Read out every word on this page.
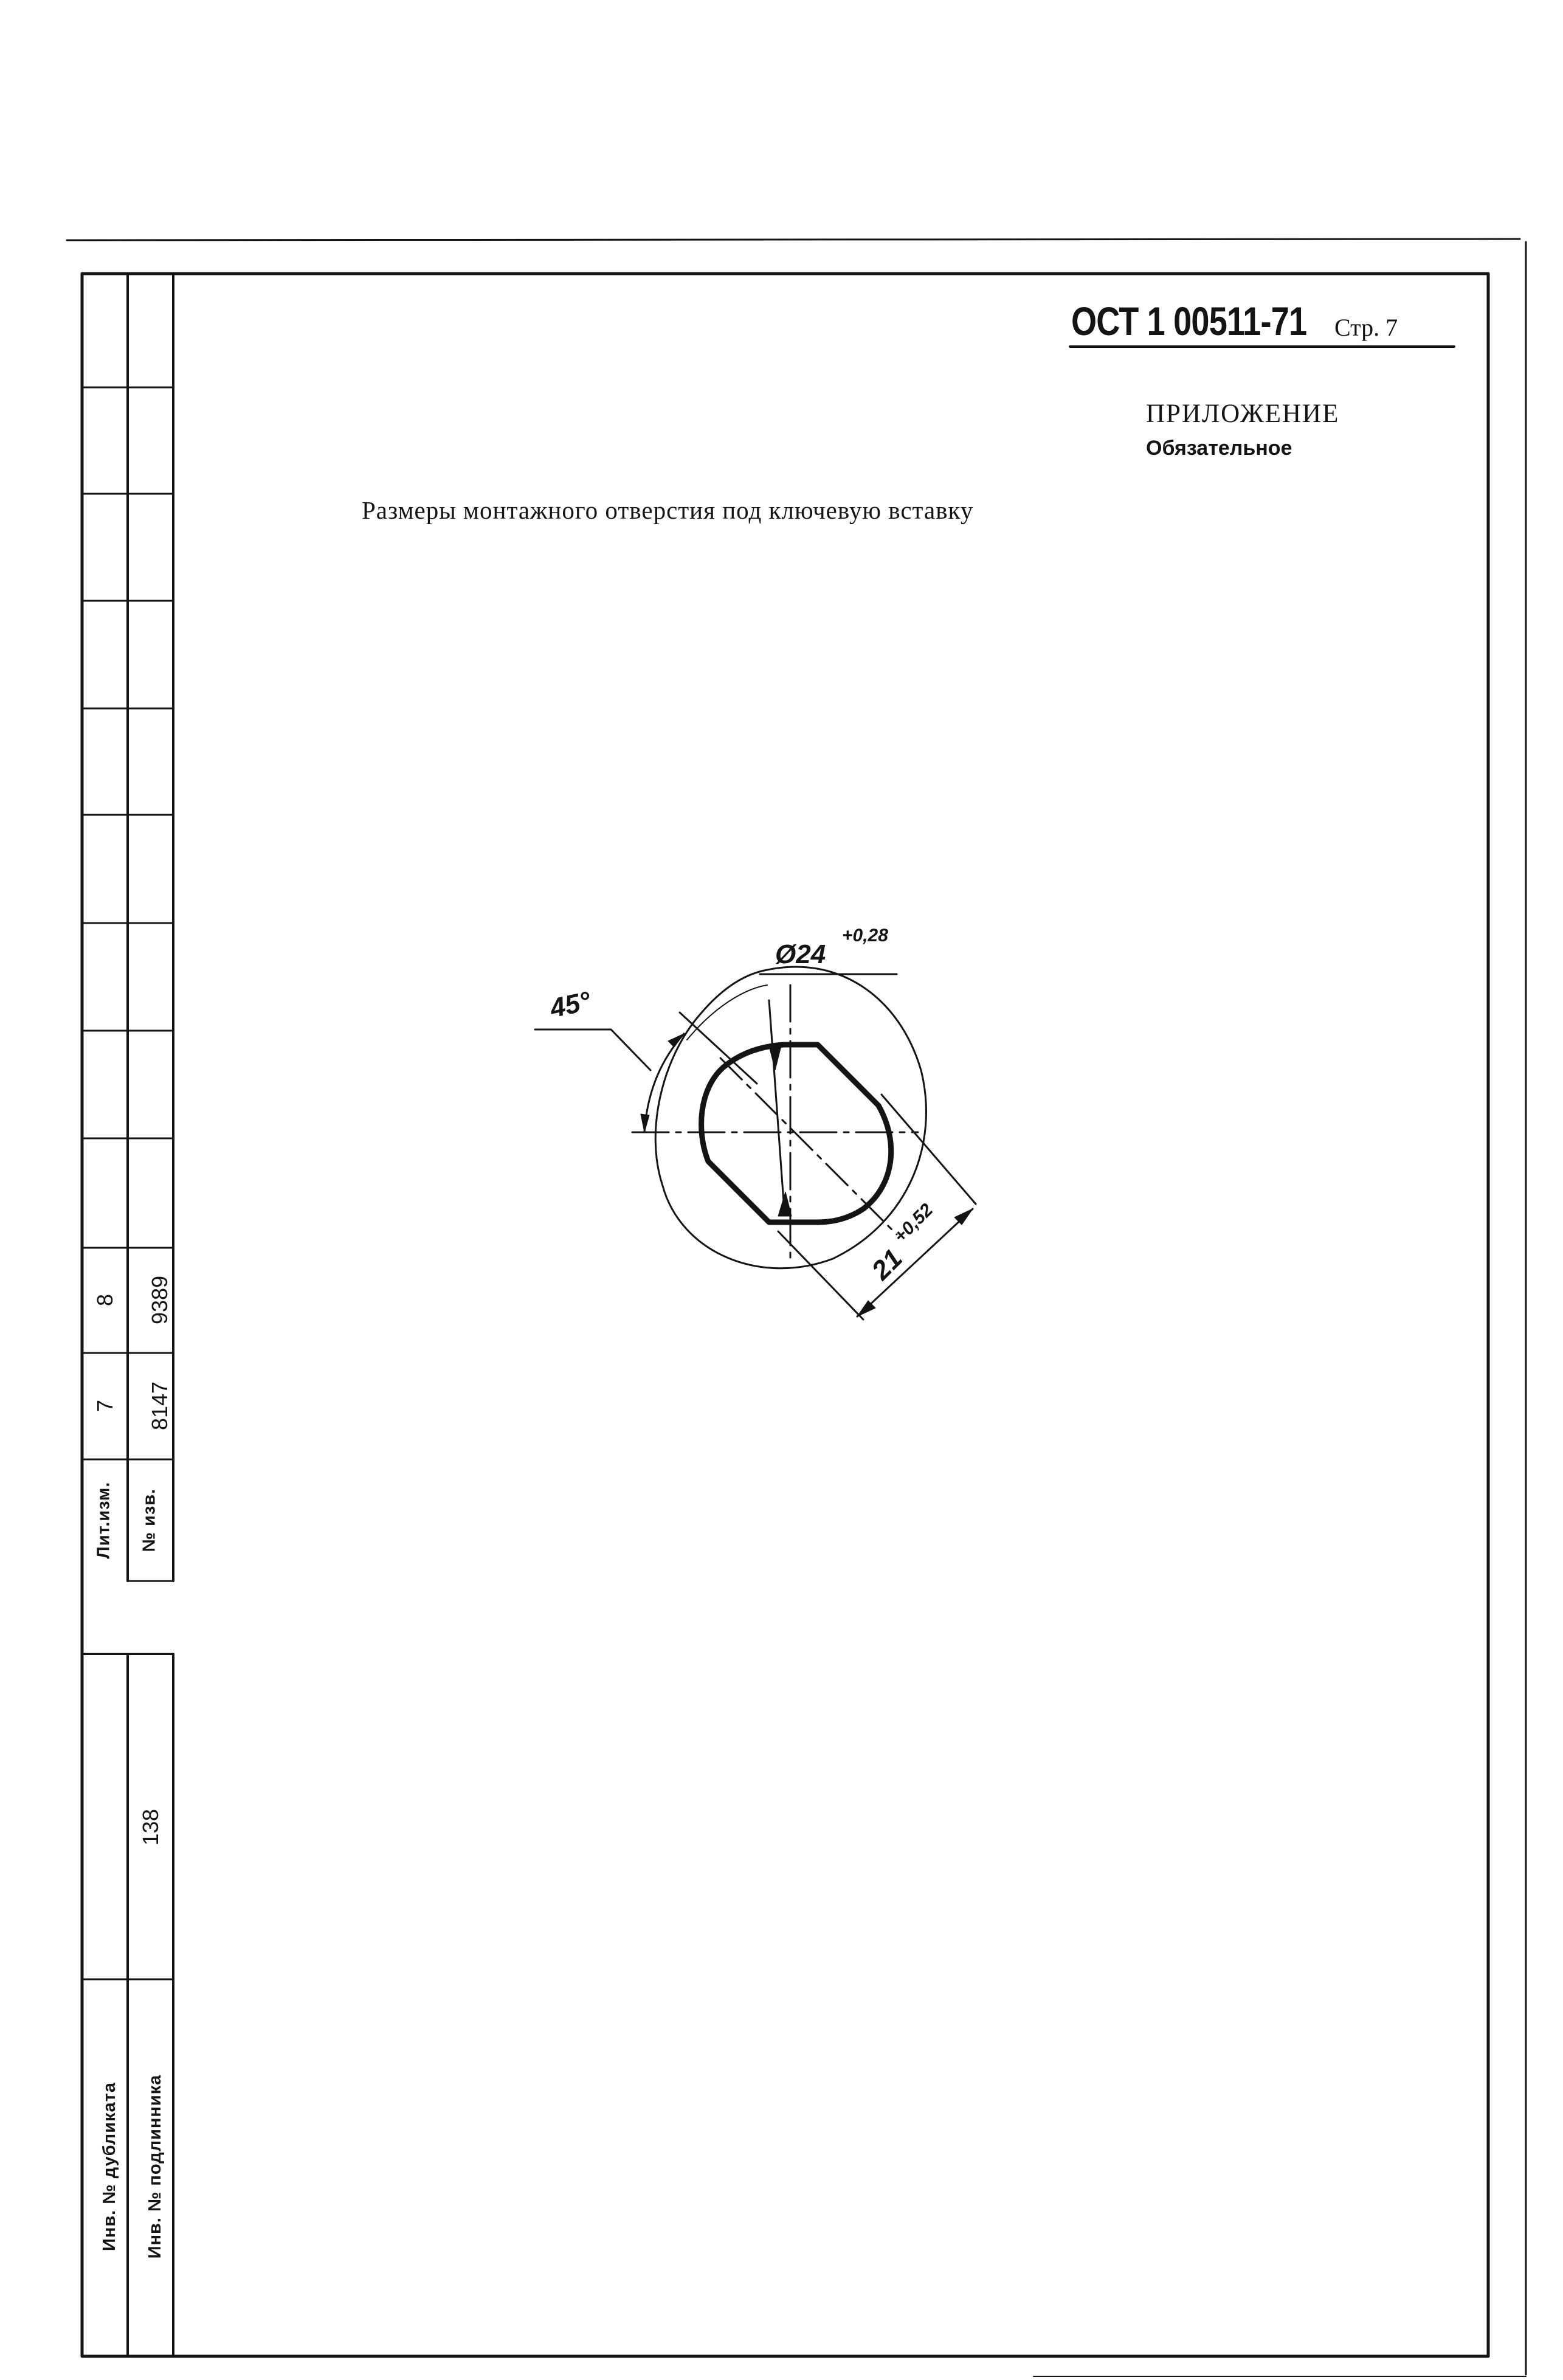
ОСТ 1 00511-71 Стр. 7
ПРИЛОЖЕНИЕ
Обязательное
Размеры монтажного отверстия под ключевую вставку
45°
Ø24
+0,28
21
+0,52
Лит.изм. № изв.
7 8147
8 9389
Инв. № дубликата Инв. № подлинника
138
